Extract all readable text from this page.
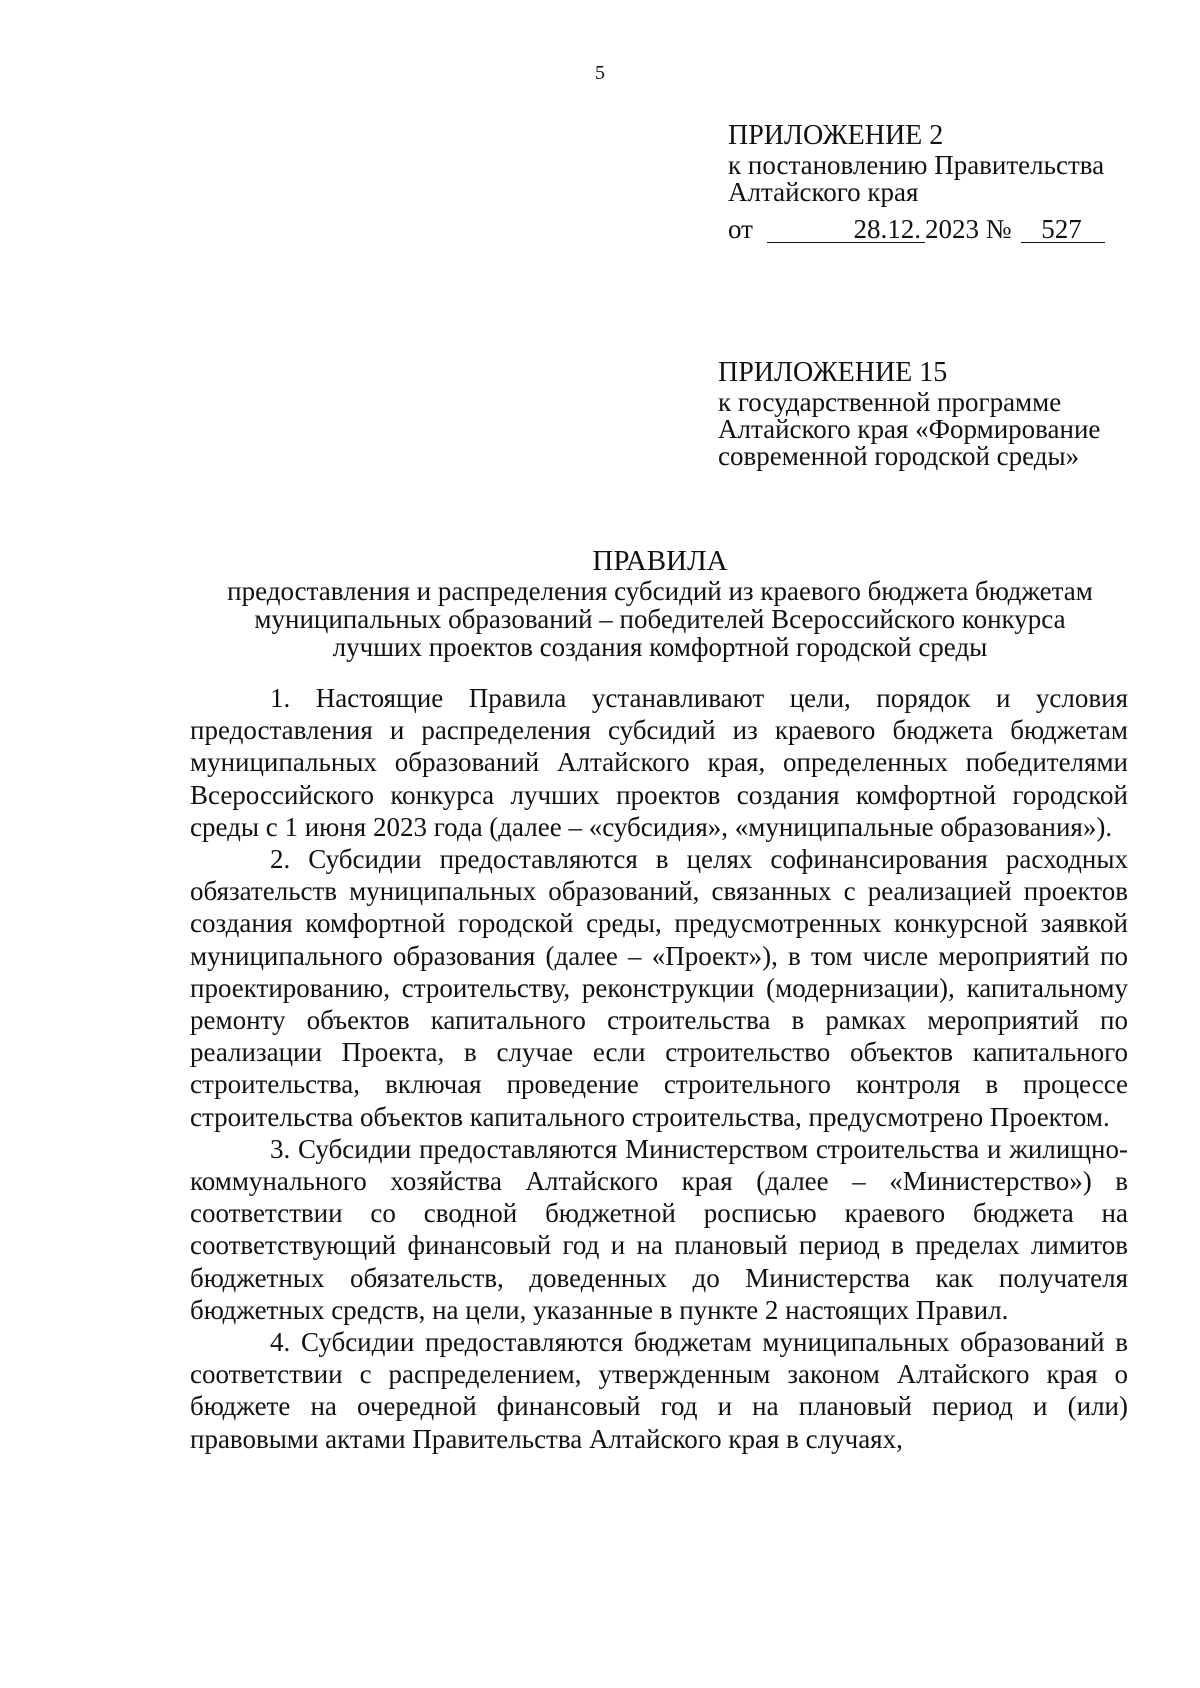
5
ПРИЛОЖЕНИЕ 2
к постановлению Правительства
Алтайского края
от	28.12. 2023 № 527
ПРИЛОЖЕНИЕ 15
к государственной программе
Алтайского края «Формирование
современной городской среды»
ПРАВИЛА
предоставления и распределения субсидий из краевого бюджета бюджетам
муниципальных образований – победителей Всероссийского конкурса
лучших проектов создания комфортной городской среды

1. Настоящие Правила устанавливают цели, порядок и условия предоставления и распределения субсидий из краевого бюджета бюджетам муниципальных образований Алтайского края, определенных победителями Всероссийского конкурса лучших проектов создания комфортной городской среды с 1 июня 2023 года (далее – «субсидия», «муниципальные образования»).

2. Субсидии предоставляются в целях софинансирования расходных обязательств муниципальных образований, связанных с реализацией проектов создания комфортной городской среды, предусмотренных конкурсной заявкой муниципального образования (далее – «Проект»), в том числе мероприятий по проектированию, строительству, реконструкции (модернизации), капитальному ремонту объектов капитального строительства в рамках мероприятий по реализации Проекта, в случае если строительство объектов капитального строительства, включая проведение строительного контроля в процессе строительства объектов капитального строительства, предусмотрено Проектом.

3. Субсидии предоставляются Министерством строительства и жилищно-коммунального хозяйства Алтайского края (далее – «Министерство») в соответствии со сводной бюджетной росписью краевого бюджета на соответствующий финансовый год и на плановый период в пределах лимитов бюджетных обязательств, доведенных до Министерства как получателя бюджетных средств, на цели, указанные в пункте 2 настоящих Правил.

4. Субсидии предоставляются бюджетам муниципальных образований в соответствии с распределением, утвержденным законом Алтайского края о бюджете на очередной финансовый год и на плановый период и (или) правовыми актами Правительства Алтайского края в случаях,
